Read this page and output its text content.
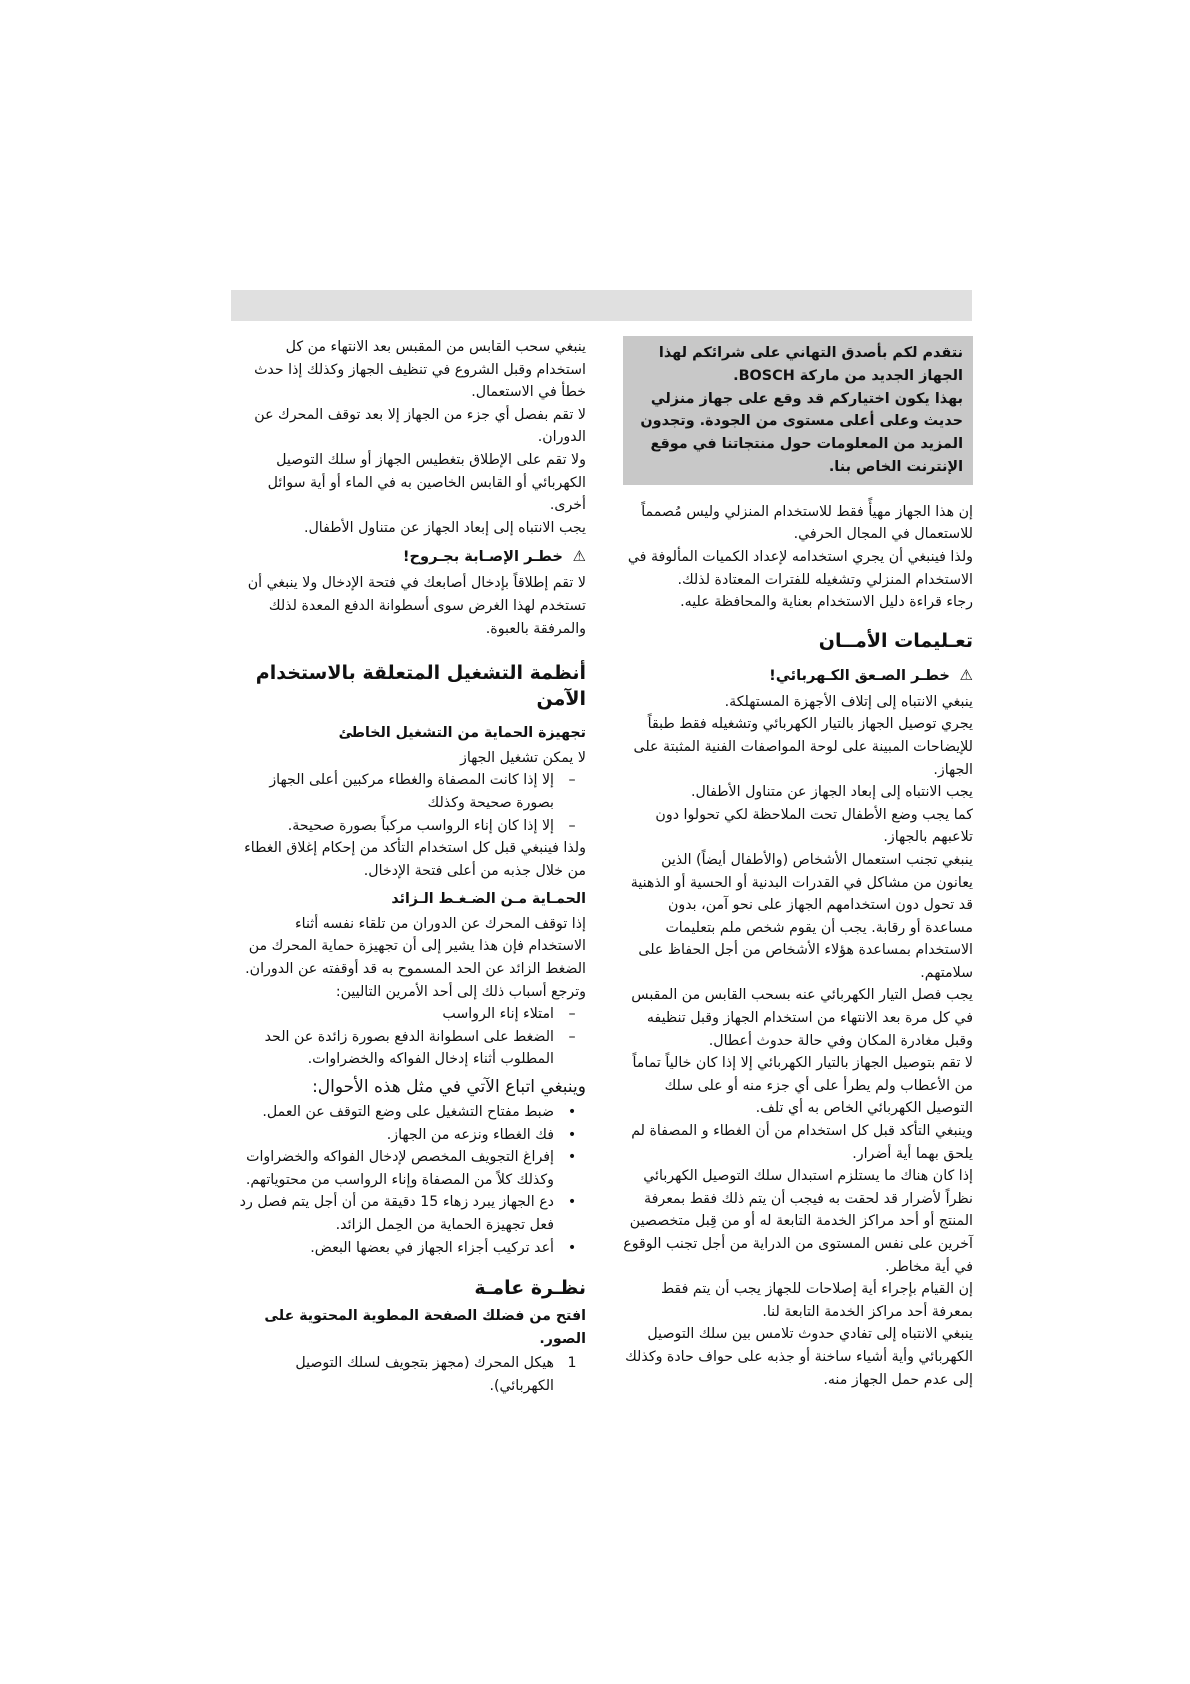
نتقدم لكم بأصدق التهاني على شرائكم لهذا الجهاز الجديد من ماركة BOSCH.

بهذا يكون اختياركم قد وقع على جهاز منزلي حديث وعلى أعلى مستوى من الجودة. وتجدون المزيد من المعلومات حول منتجاتنا في موقع الإنترنت الخاص بنا.

إن هذا الجهاز مهيأً فقط للاستخدام المنزلي وليس مُصمماً للاستعمال في المجال الحرفي.

ولذا فينبغي أن يجري استخدامه لإعداد الكميات المألوفة في الاستخدام المنزلي وتشغيله للفترات المعتادة لذلك.

رجاء قراءة دليل الاستخدام بعناية والمحافظة عليه.

تعـليمات الأمــان
⚠ خطـر الصـعق الكـهربائي!

ينبغي الانتباه إلى إتلاف الأجهزة المستهلكة.

يجري توصيل الجهاز بالتيار الكهربائي وتشغيله فقط طبقاً للإيضاحات المبينة على لوحة المواصفات الفنية المثبتة على الجهاز.

يجب الانتباه إلى إبعاد الجهاز عن متناول الأطفال.

كما يجب وضع الأطفال تحت الملاحظة لكي تحولوا دون تلاعبهم بالجهاز.

ينبغي تجنب استعمال الأشخاص (والأطفال أيضاً) الذين يعانون من مشاكل في القدرات البدنية أو الحسية أو الذهنية قد تحول دون استخدامهم الجهاز على نحو آمن، بدون مساعدة أو رقابة. يجب أن يقوم شخص ملم بتعليمات الاستخدام بمساعدة هؤلاء الأشخاص من أجل الحفاظ على سلامتهم.

يجب فصل التيار الكهربائي عنه بسحب القابس من المقبس في كل مرة بعد الانتهاء من استخدام الجهاز وقبل تنظيفه وقبل مغادرة المكان وفي حالة حدوث أعطال.

لا تقم بتوصيل الجهاز بالتيار الكهربائي إلا إذا كان خالياً تماماً من الأعطاب ولم يطرأ على أي جزء منه أو على سلك التوصيل الكهربائي الخاص به أي تلف.

وينبغي التأكد قبل كل استخدام من أن الغطاء و المصفاة لم يلحق بهما أية أضرار.

إذا كان هناك ما يستلزم استبدال سلك التوصيل الكهربائي نظراً لأضرار قد لحقت به فيجب أن يتم ذلك فقط بمعرفة المنتج أو أحد مراكز الخدمة التابعة له أو من قِبل متخصصين آخرين على نفس المستوى من الدراية من أجل تجنب الوقوع في أية مخاطر.

إن القيام بإجراء أية إصلاحات للجهاز يجب أن يتم فقط بمعرفة أحد مراكز الخدمة التابعة لنا.

ينبغي الانتباه إلى تفادي حدوث تلامس بين سلك التوصيل الكهربائي وأية أشياء ساخنة أو جذبه على حواف حادة وكذلك إلى عدم حمل الجهاز منه.

ينبغي سحب القابس من المقبس بعد الانتهاء من كل استخدام وقبل الشروع في تنظيف الجهاز وكذلك إذا حدث خطأ في الاستعمال.

لا تقم بفصل أي جزء من الجهاز إلا بعد توقف المحرك عن الدوران.

ولا تقم على الإطلاق بتغطيس الجهاز أو سلك التوصيل الكهربائي أو القابس الخاصين به في الماء أو أية سوائل أخرى.

يجب الانتباه إلى إبعاد الجهاز عن متناول الأطفال.

⚠ خطـر الإصـابة بجـروح!

لا تقم إطلاقاً بإدخال أصابعك في فتحة الإدخال ولا ينبغي أن تستخدم لهذا الغرض سوى أسطوانة الدفع المعدة لذلك والمرفقة بالعبوة.

أنظمة التشغيل المتعلقة بالاستخدام الآمن
تجهيزة الحماية من التشغيل الخاطئ

لا يمكن تشغيل الجهاز

–
إلا إذا كانت المصفاة والغطاء مركبين أعلى الجهاز بصورة صحيحة وكذلك
–
إلا إذا كان إناء الرواسب مركباً بصورة صحيحة.

ولذا فينبغي قبل كل استخدام التأكد من إحكام إغلاق الغطاء من خلال جذبه من أعلى فتحة الإدخال.

الحمـاية مـن الضـغـط الـزائد

إذا توقف المحرك عن الدوران من تلقاء نفسه أثناء الاستخدام فإن هذا يشير إلى أن تجهيزة حماية المحرك من الضغط الزائد عن الحد المسموح به قد أوقفته عن الدوران. وترجع أسباب ذلك إلى أحد الأمرين التاليين:

–
امتلاء إناء الرواسب
–
الضغط على اسطوانة الدفع بصورة زائدة عن الحد المطلوب أثناء إدخال الفواكه والخضراوات.
وينبغي اتباع الآتي في مثل هذه الأحوال:
•
ضبط مفتاح التشغيل على وضع التوقف عن العمل.
•
فك الغطاء ونزعه من الجهاز.
•
إفراغ التجويف المخصص لإدخال الفواكه والخضراوات وكذلك كلاً من المصفاة وإناء الرواسب من محتوياتهم.
•
دع الجهاز يبرد زهاء 15 دقيقة من أن أجل يتم فصل رد فعل تجهيزة الحماية من الحِمل الزائد.
•
أعد تركيب أجزاء الجهاز في بعضها البعض.
نظـرة عامـة

افتح من فضلك الصفحة المطوية المحتوية على الصور.

1
هيكل المحرك (مجهز بتجويف لسلك التوصيل الكهربائي).
